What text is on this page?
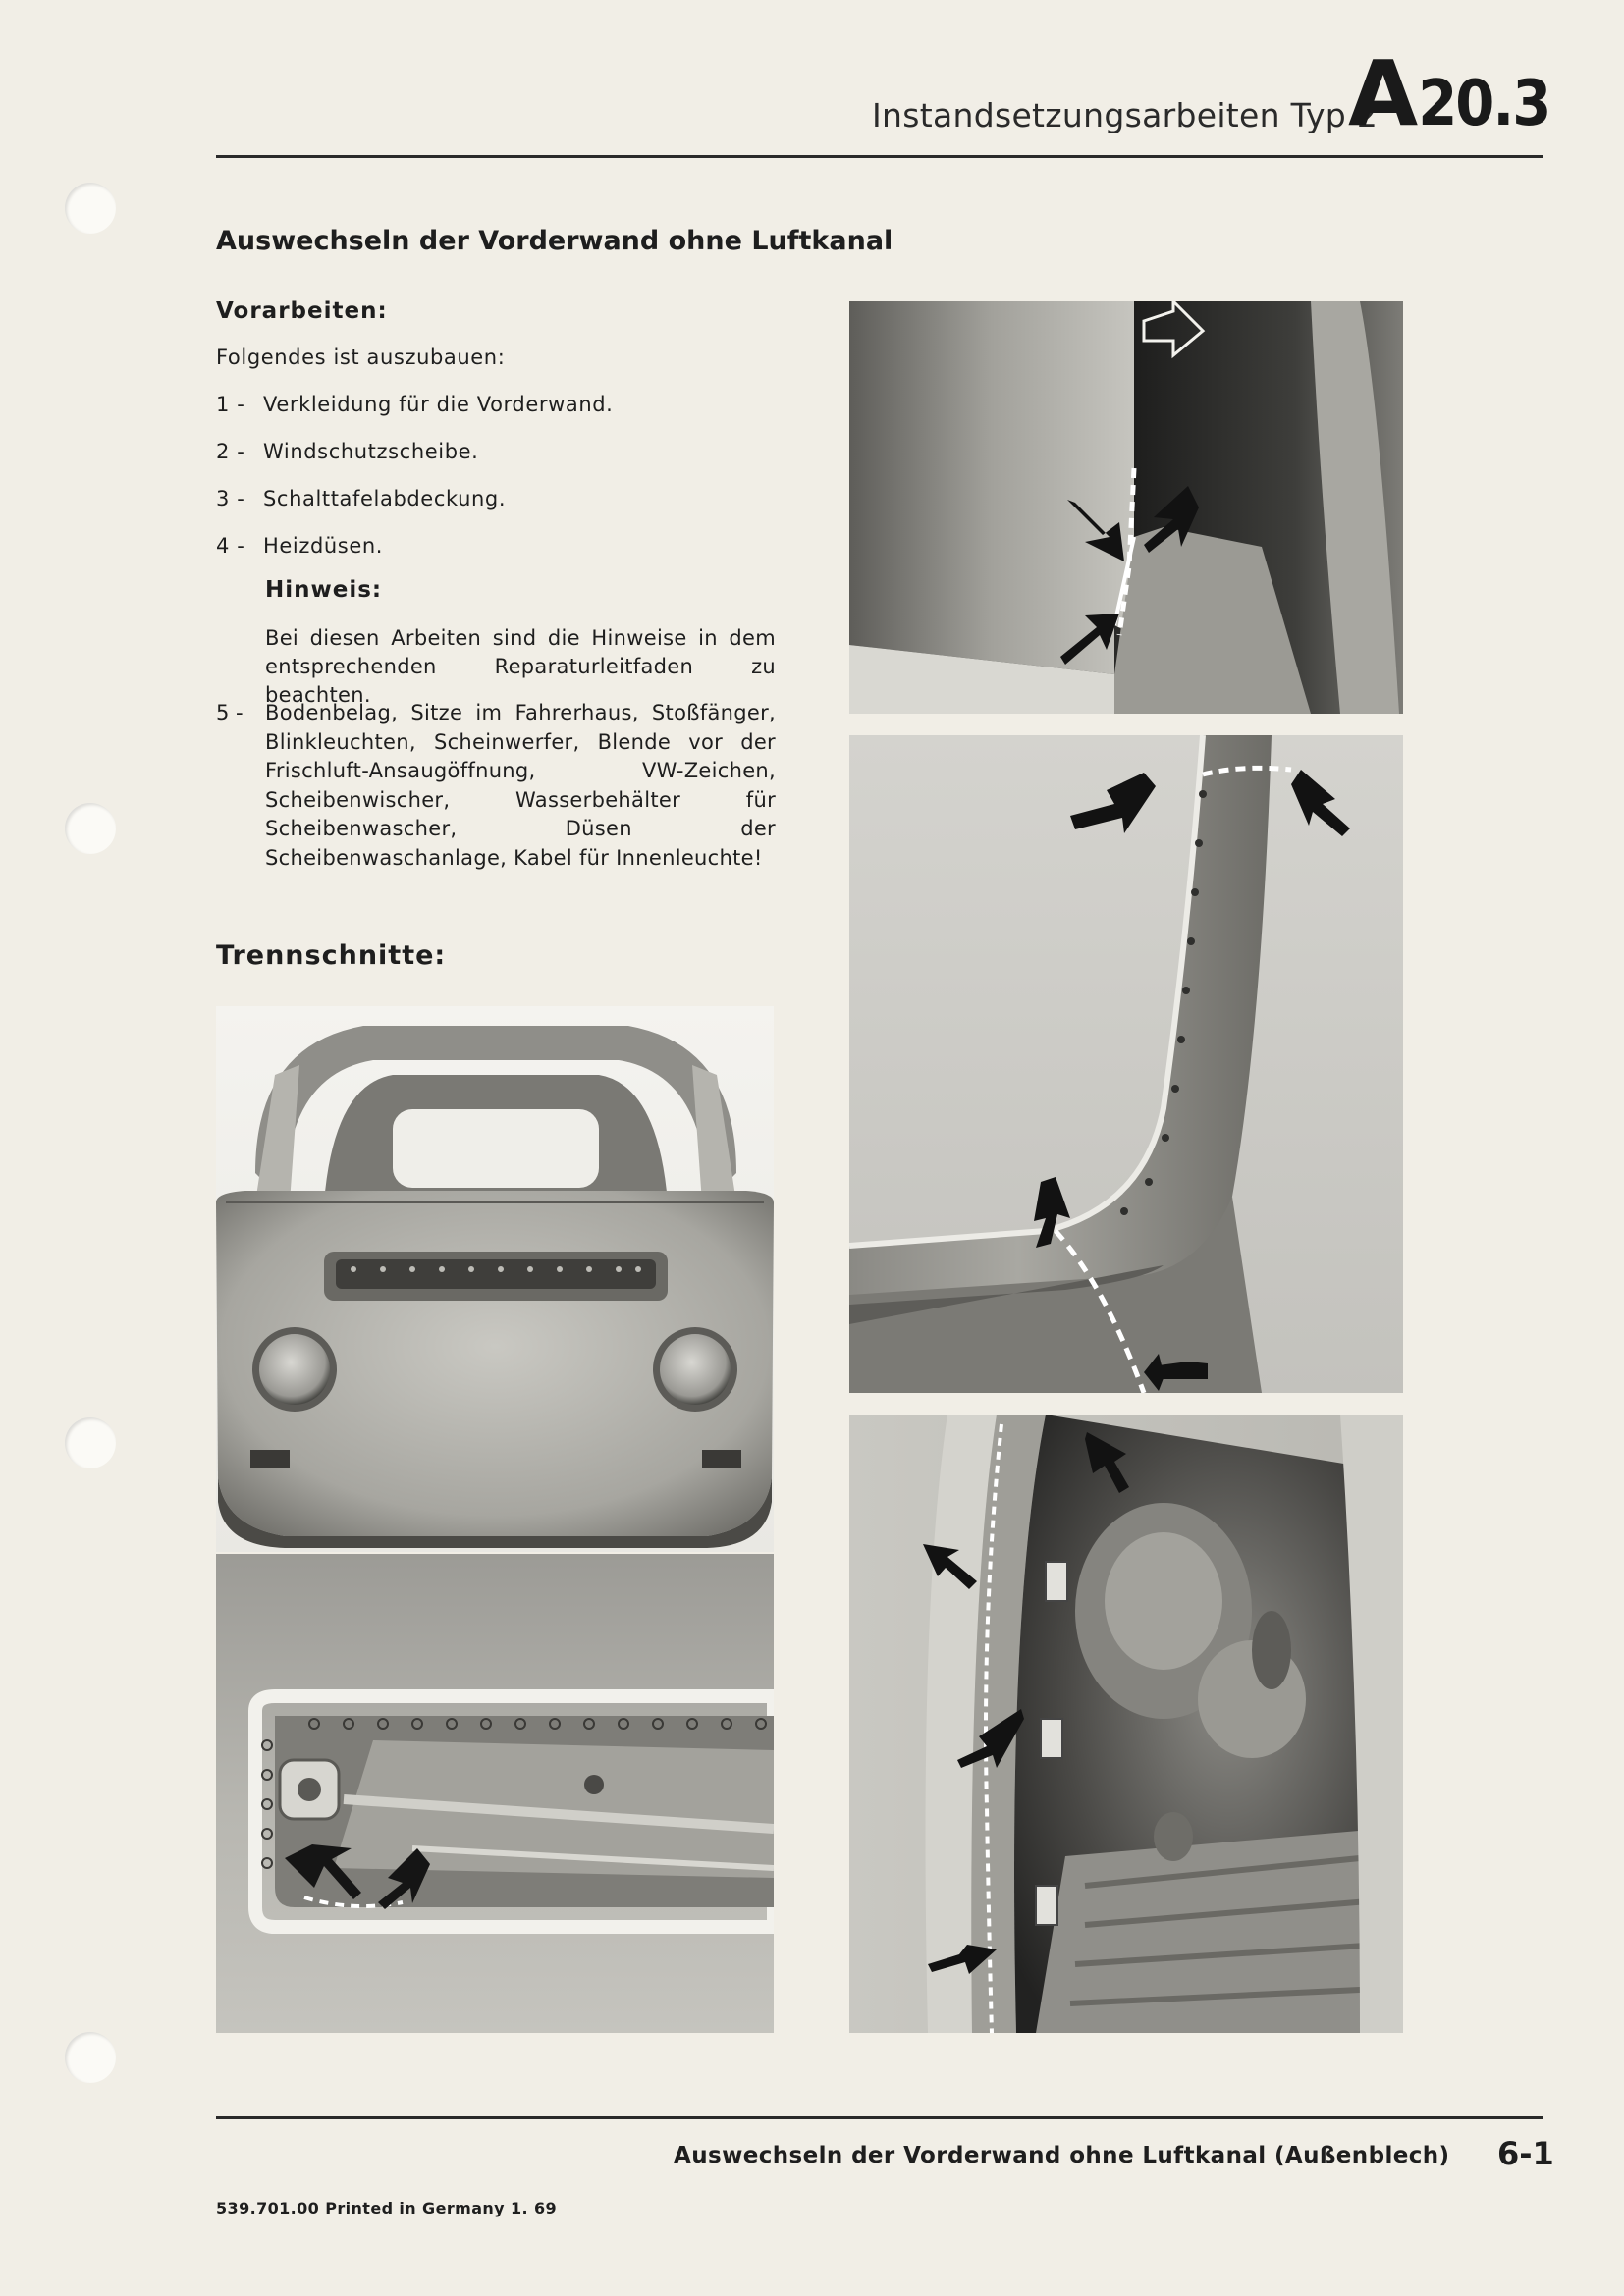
Instandsetzungsarbeiten Typ 2
A20.3
Auswechseln der Vorderwand ohne Luftkanal
Vorarbeiten:
Folgendes ist auszubauen:
1 - Verkleidung für die Vorderwand.
2 - Windschutzscheibe.
3 - Schalttafelabdeckung.
4 - Heizdüsen.
Hinweis:
Bei diesen Arbeiten sind die Hinweise in dem entsprechenden Reparaturleitfaden zu beachten.
5 - Bodenbelag, Sitze im Fahrerhaus, Stoßfänger, Blinkleuchten, Scheinwerfer, Blende vor der Frischluft-Ansaugöffnung, VW-Zeichen, Scheibenwischer, Wasserbehälter für Scheibenwascher, Düsen der Scheibenwaschanlage, Kabel für Innenleuchte!
Trennschnitte:
Auswechseln der Vorderwand ohne Luftkanal (Außenblech) 6-1
539.701.00 Printed in Germany 1. 69
